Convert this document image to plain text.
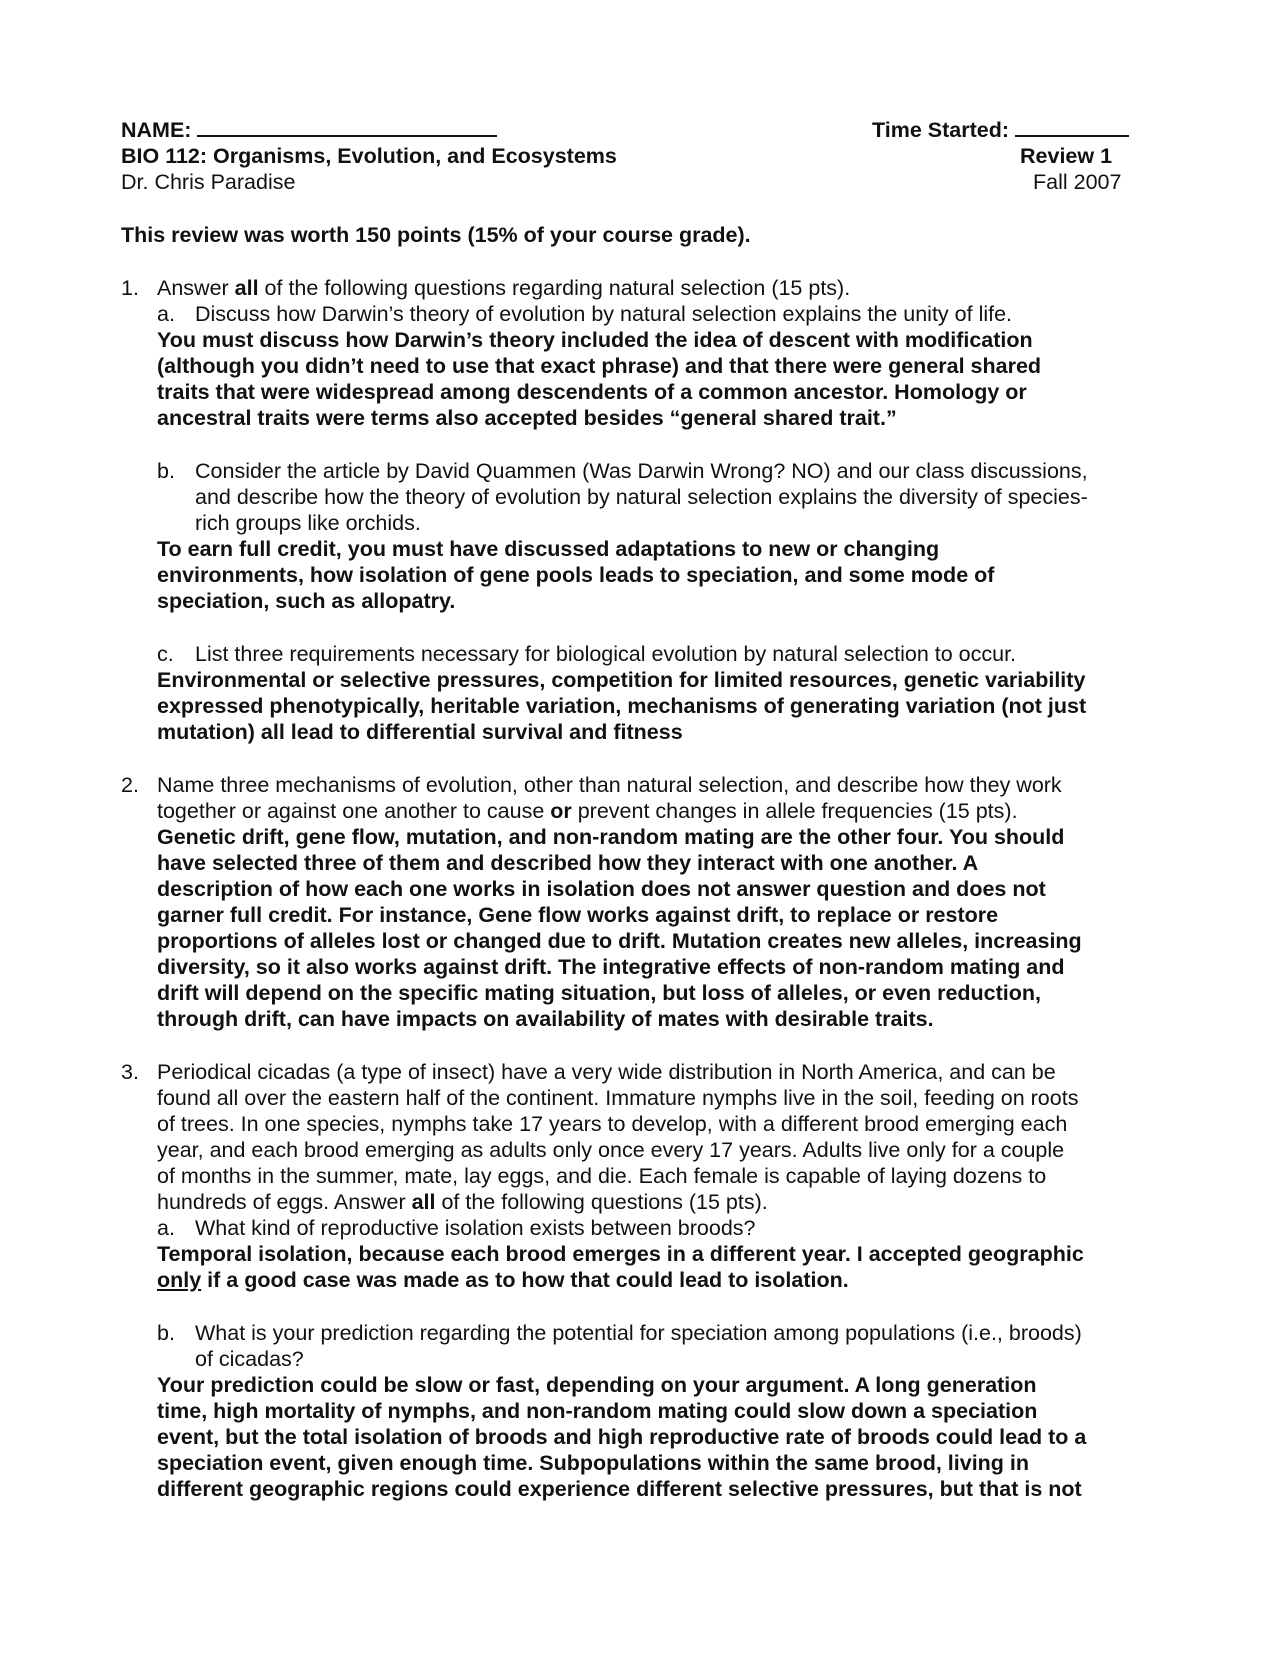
NAME:	Time Started:
BIO 112: Organisms, Evolution, and Ecosystems	Review 1
Dr. Chris Paradise	Fall 2007
This review was worth 150 points (15% of your course grade).
1. Answer all of the following questions regarding natural selection (15 pts).
a. Discuss how Darwin’s theory of evolution by natural selection explains the unity of life.
You must discuss how Darwin’s theory included the idea of descent with modification
(although you didn’t need to use that exact phrase) and that there were general shared
traits that were widespread among descendents of a common ancestor. Homology or
ancestral traits were terms also accepted besides “general shared trait.”
b. Consider the article by David Quammen (Was Darwin Wrong? NO) and our class discussions,
and describe how the theory of evolution by natural selection explains the diversity of species-
rich groups like orchids.
To earn full credit, you must have discussed adaptations to new or changing
environments, how isolation of gene pools leads to speciation, and some mode of
speciation, such as allopatry.
c. List three requirements necessary for biological evolution by natural selection to occur.
Environmental or selective pressures, competition for limited resources, genetic variability
expressed phenotypically, heritable variation, mechanisms of generating variation (not just
mutation) all lead to differential survival and fitness
2. Name three mechanisms of evolution, other than natural selection, and describe how they work
together or against one another to cause or prevent changes in allele frequencies (15 pts).
Genetic drift, gene flow, mutation, and non-random mating are the other four. You should
have selected three of them and described how they interact with one another. A
description of how each one works in isolation does not answer question and does not
garner full credit. For instance, Gene flow works against drift, to replace or restore
proportions of alleles lost or changed due to drift. Mutation creates new alleles, increasing
diversity, so it also works against drift. The integrative effects of non-random mating and
drift will depend on the specific mating situation, but loss of alleles, or even reduction,
through drift, can have impacts on availability of mates with desirable traits.
3. Periodical cicadas (a type of insect) have a very wide distribution in North America, and can be
found all over the eastern half of the continent. Immature nymphs live in the soil, feeding on roots
of trees. In one species, nymphs take 17 years to develop, with a different brood emerging each
year, and each brood emerging as adults only once every 17 years. Adults live only for a couple
of months in the summer, mate, lay eggs, and die. Each female is capable of laying dozens to
hundreds of eggs. Answer all of the following questions (15 pts).
a. What kind of reproductive isolation exists between broods?
Temporal isolation, because each brood emerges in a different year. I accepted geographic
only if a good case was made as to how that could lead to isolation.
b. What is your prediction regarding the potential for speciation among populations (i.e., broods)
of cicadas?
Your prediction could be slow or fast, depending on your argument. A long generation
time, high mortality of nymphs, and non-random mating could slow down a speciation
event, but the total isolation of broods and high reproductive rate of broods could lead to a
speciation event, given enough time. Subpopulations within the same brood, living in
different geographic regions could experience different selective pressures, but that is not
